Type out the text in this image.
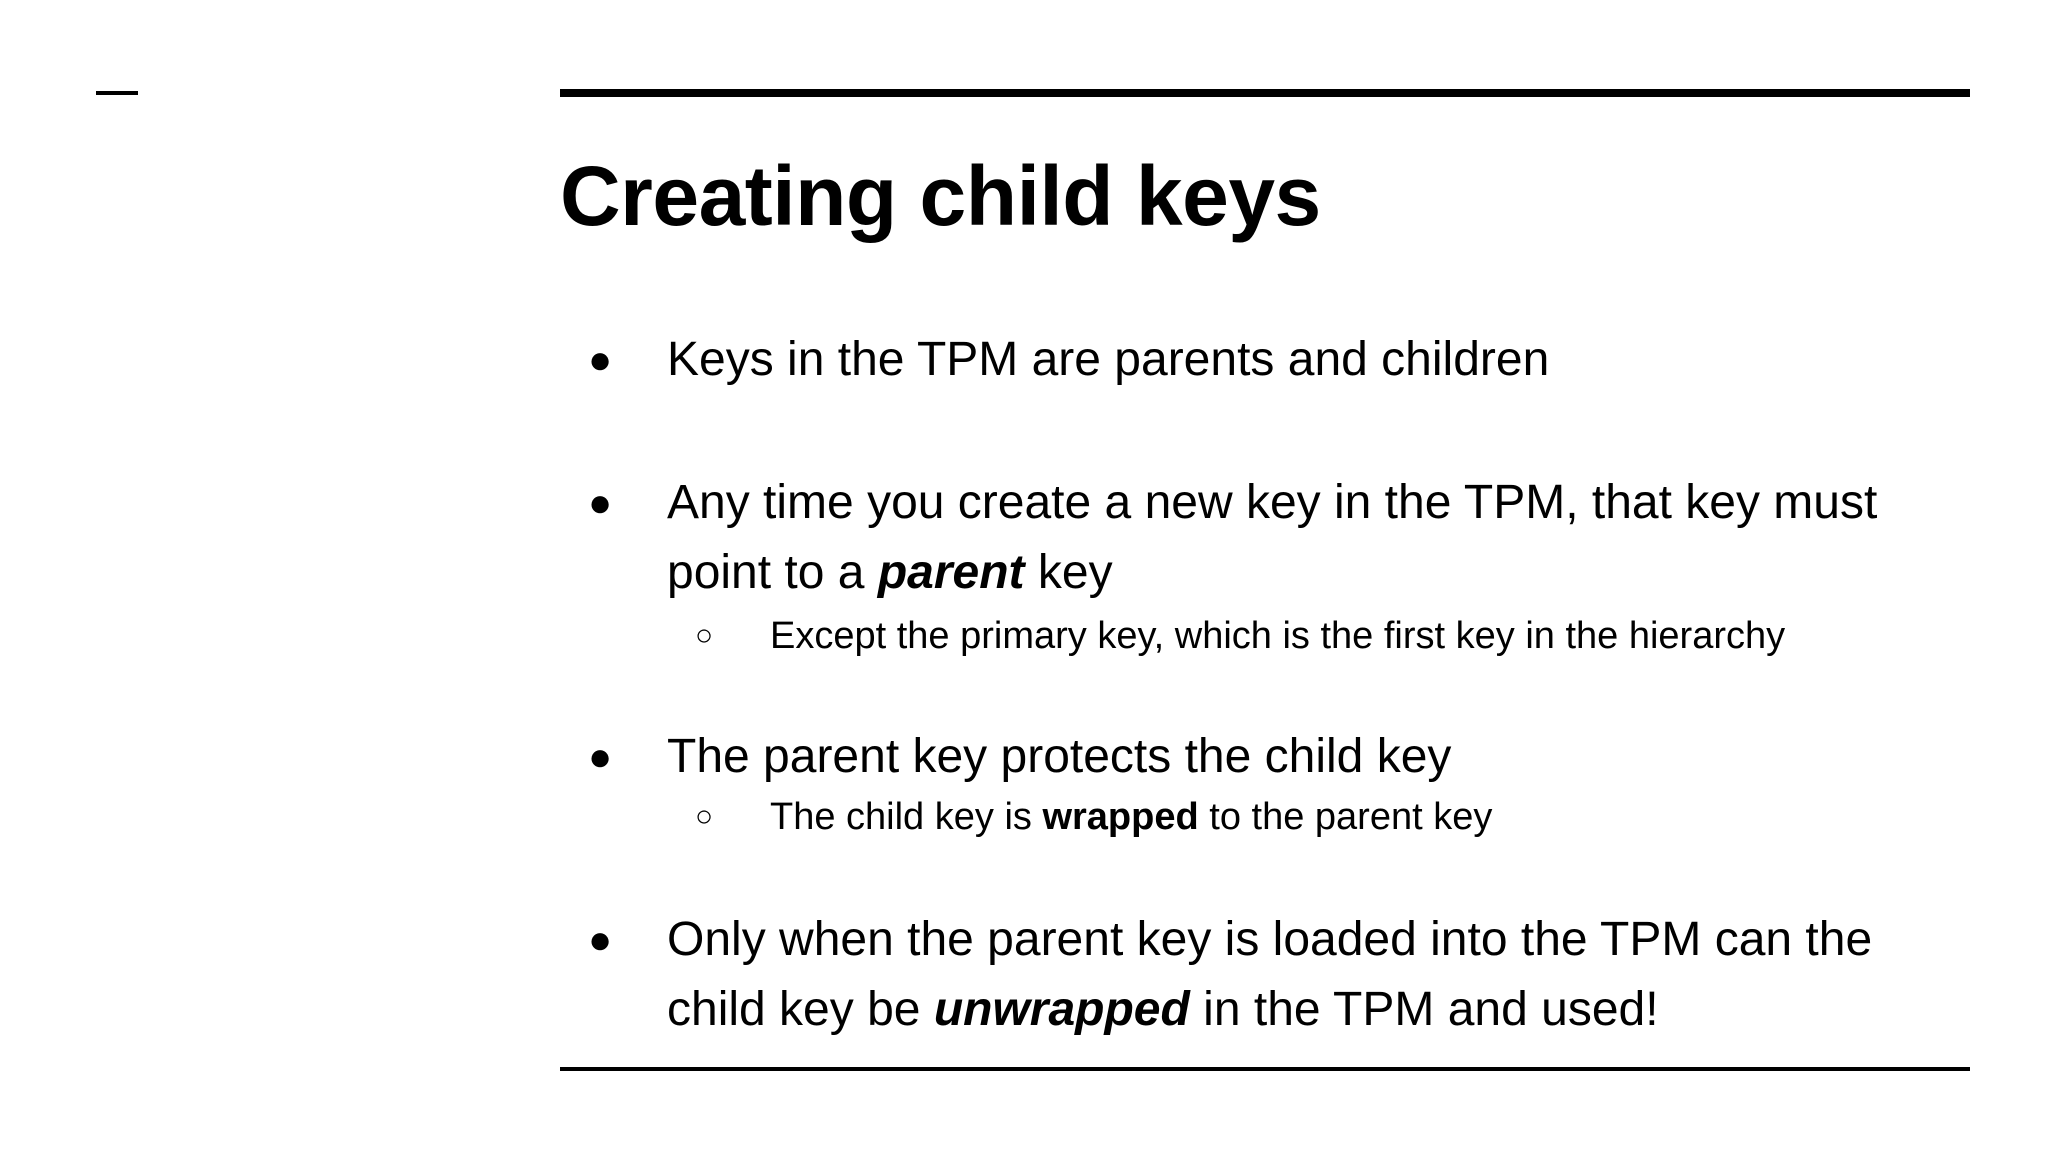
Creating child keys
● Keys in the TPM are parents and children
● Any time you create a new key in the TPM, that key must
point to a parent key
○ Except the primary key, which is the first key in the hierarchy
● The parent key protects the child key
○ The child key is wrapped to the parent key
● Only when the parent key is loaded into the TPM can the
child key be unwrapped in the TPM and used!
